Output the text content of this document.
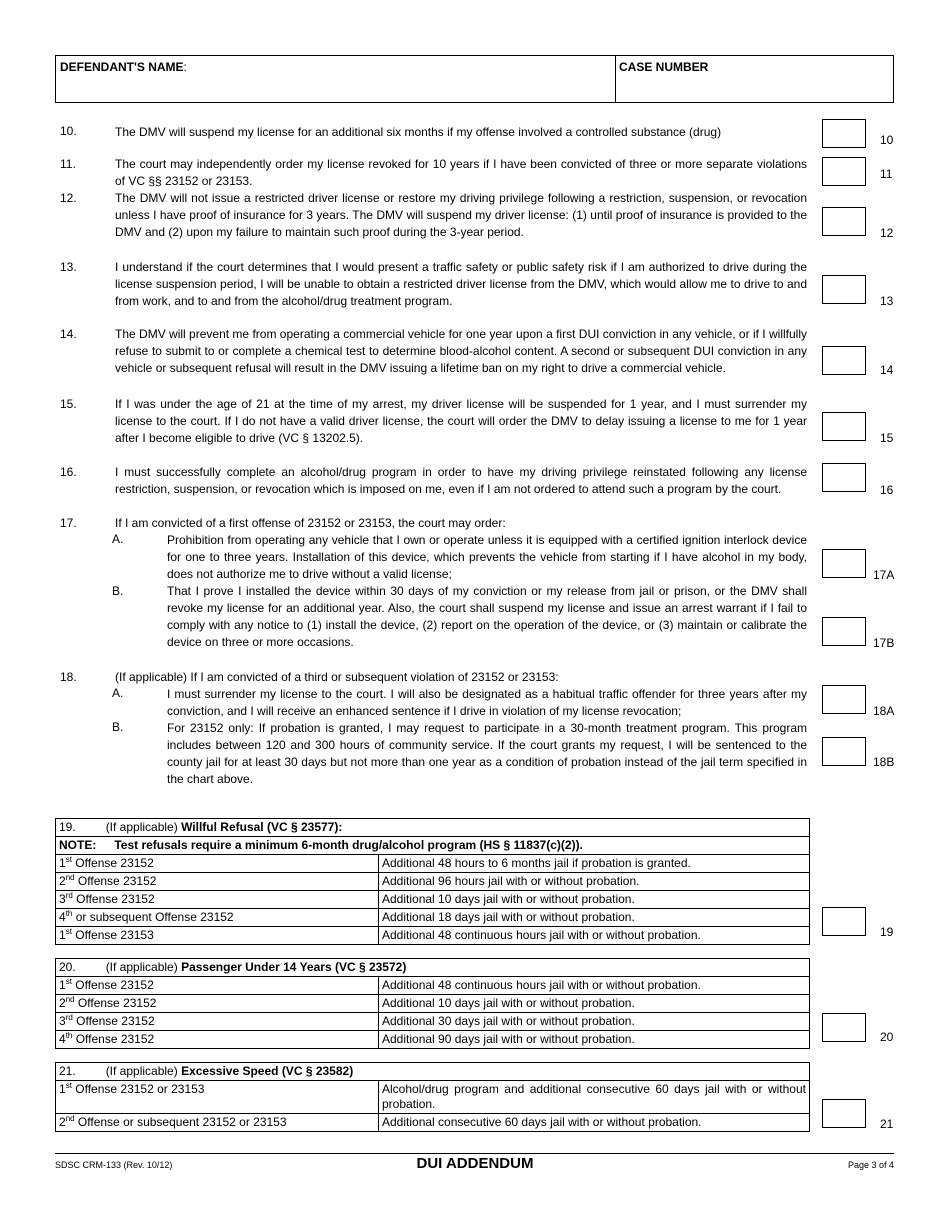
DEFENDANT'S NAME:	CASE NUMBER
10.	The DMV will suspend my license for an additional six months if my offense involved a controlled substance (drug)
10
11.	The court may independently order my license revoked for 10 years if I have been convicted of three or more separate violations of VC §§ 23152 or 23153.	11
12.	The DMV will not issue a restricted driver license or restore my driving privilege following a restriction, suspension, or revocation unless I have proof of insurance for 3 years. The DMV will suspend my driver license: (1) until proof of insurance is provided to the DMV and (2) upon my failure to maintain such proof during the 3-year period.	12
13.	I understand if the court determines that I would present a traffic safety or public safety risk if I am authorized to drive during the license suspension period, I will be unable to obtain a restricted driver license from the DMV, which would allow me to drive to and from work, and to and from the alcohol/drug treatment program.	13
14.	The DMV will prevent me from operating a commercial vehicle for one year upon a first DUI conviction in any vehicle, or if I willfully refuse to submit to or complete a chemical test to determine blood-alcohol content. A second or subsequent DUI conviction in any vehicle or subsequent refusal will result in the DMV issuing a lifetime ban on my right to drive a commercial vehicle.	14
15.	If I was under the age of 21 at the time of my arrest, my driver license will be suspended for 1 year, and I must surrender my license to the court. If I do not have a valid driver license, the court will order the DMV to delay issuing a license to me for 1 year after I become eligible to drive (VC § 13202.5).	15
16.	I must successfully complete an alcohol/drug program in order to have my driving privilege reinstated following any license restriction, suspension, or revocation which is imposed on me, even if I am not ordered to attend such a program by the court.	16
17.	If I am convicted of a first offense of 23152 or 23153, the court may order:
A.	Prohibition from operating any vehicle that I own or operate unless it is equipped with a certified ignition interlock device for one to three years. Installation of this device, which prevents the vehicle from starting if I have alcohol in my body, does not authorize me to drive without a valid license;	17A
B.	That I prove I installed the device within 30 days of my conviction or my release from jail or prison, or the DMV shall revoke my license for an additional year. Also, the court shall suspend my license and issue an arrest warrant if I fail to comply with any notice to (1) install the device, (2) report on the operation of the device, or (3) maintain or calibrate the device on three or more occasions.	17B
18.	(If applicable) If I am convicted of a third or subsequent violation of 23152 or 23153:
A.	I must surrender my license to the court. I will also be designated as a habitual traffic offender for three years after my conviction, and I will receive an enhanced sentence if I drive in violation of my license revocation;	18A
B.	For 23152 only: If probation is granted, I may request to participate in a 30-month treatment program. This program includes between 120 and 300 hours of community service. If the court grants my request, I will be sentenced to the county jail for at least 30 days but not more than one year as a condition of probation instead of the jail term specified in the chart above.
18B
19. (If applicable) Willful Refusal (VC § 23577):	
NOTE: Test refusals require a minimum 6-month drug/alcohol program (HS § 11837(c)(2)).	
1st Offense 23152	Additional 48 hours to 6 months jail if probation is granted.
2nd Offense 23152	Additional 96 hours jail with or without probation.
3rd Offense 23152	Additional 10 days jail with or without probation.
4th or subsequent Offense 23152	Additional 18 days jail with or without probation.
1st Offense 23153	Additional 48 continuous hours jail with or without probation.	19
20. (If applicable) Passenger Under 14 Years (VC § 23572)	
1st Offense 23152	Additional 48 continuous hours jail with or without probation.
2nd Offense 23152	Additional 10 days jail with or without probation.
3rd Offense 23152	Additional 30 days jail with or without probation.
4th Offense 23152	Additional 90 days jail with or without probation.	20
21. (If applicable) Excessive Speed (VC § 23582)	
1st Offense 23152 or 23153	Alcohol/drug program and additional consecutive 60 days jail with or without probation.
2nd Offense or subsequent 23152 or 23153	Additional consecutive 60 days jail with or without probation.	21
SDSC CRM-133 (Rev. 10/12)	DUI ADDENDUM	Page 3 of 4
